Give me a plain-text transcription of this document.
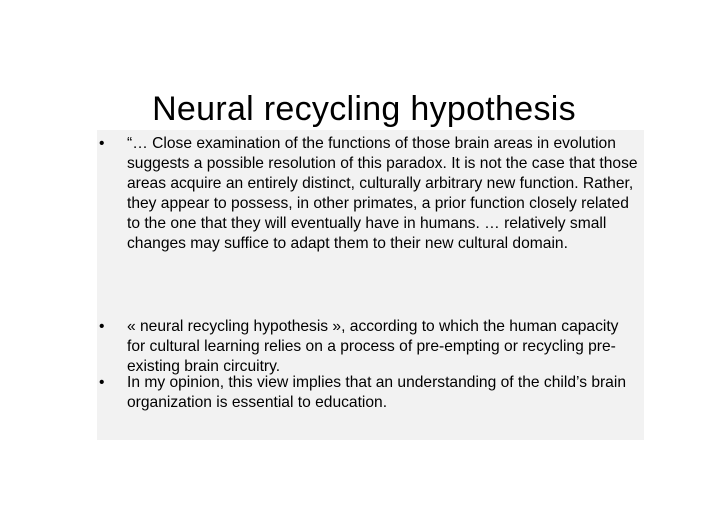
Neural recycling hypothesis
•	“… Close examination of the functions of those brain areas in evolution suggests a possible resolution of this paradox. It is not the case that those areas acquire an entirely distinct, culturally arbitrary new function. Rather, they appear to possess, in other primates, a prior function closely related to the one that they will eventually have in humans. … relatively small changes may suffice to adapt them to their new cultural domain.
•	« neural recycling hypothesis », according to which the human capacity for cultural learning relies on a process of pre-empting or recycling pre-existing brain circuitry.
•	In my opinion, this view implies that an understanding of the child’s brain organization is essential to education.
